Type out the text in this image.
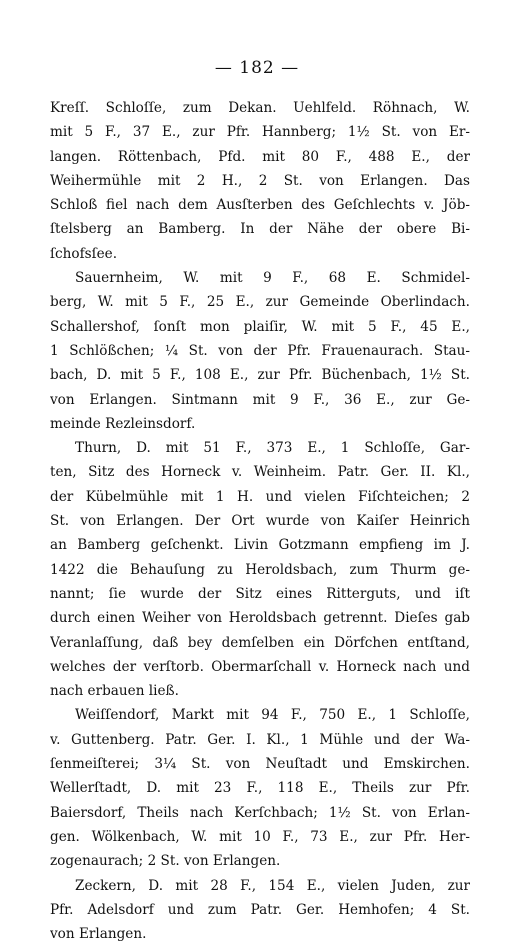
— 182 —
Kreſſ. Schloſſe, zum Dekan. Uehlfeld. Röhnach, W.
mit 5 F., 37 E., zur Pfr. Hannberg; 1½ St. von Er-
langen. Röttenbach, Pfd. mit 80 F., 488 E., der
Weihermühle mit 2 H., 2 St. von Erlangen. Das
Schloß fiel nach dem Ausſterben des Geſchlechts v. Jöb-
ſtelsberg an Bamberg. In der Nähe der obere Bi-
ſchofsſee.
Sauernheim, W. mit 9 F., 68 E. Schmidel-
berg, W. mit 5 F., 25 E., zur Gemeinde Oberlindach.
Schallershof, ſonſt mon plaiſir, W. mit 5 F., 45 E.,
1 Schlößchen; ¼ St. von der Pfr. Frauenaurach. Stau-
bach, D. mit 5 F., 108 E., zur Pfr. Büchenbach, 1½ St.
von Erlangen. Sintmann mit 9 F., 36 E., zur Ge-
meinde Rezleinsdorf.
Thurn, D. mit 51 F., 373 E., 1 Schloſſe, Gar-
ten, Sitz des Horneck v. Weinheim. Patr. Ger. II. Kl.,
der Kübelmühle mit 1 H. und vielen Fiſchteichen; 2
St. von Erlangen. Der Ort wurde von Kaiſer Heinrich
an Bamberg geſchenkt. Livin Gotzmann empfieng im J.
1422 die Behauſung zu Heroldsbach, zum Thurm ge-
nannt; ſie wurde der Sitz eines Ritterguts, und iſt
durch einen Weiher von Heroldsbach getrennt. Dieſes gab
Veranlaſſung, daß bey demſelben ein Dörfchen entſtand,
welches der verſtorb. Obermarſchall v. Horneck nach und
nach erbauen ließ.
Weiſſendorf, Markt mit 94 F., 750 E., 1 Schloſſe,
v. Guttenberg. Patr. Ger. I. Kl., 1 Mühle und der Wa-
ſenmeiſterei; 3¼ St. von Neuſtadt und Emskirchen.
Wellerſtadt, D. mit 23 F., 118 E., Theils zur Pfr.
Baiersdorf, Theils nach Kerſchbach; 1½ St. von Erlan-
gen. Wölkenbach, W. mit 10 F., 73 E., zur Pfr. Her-
zogenaurach; 2 St. von Erlangen.
Zeckern, D. mit 28 F., 154 E., vielen Juden, zur
Pfr. Adelsdorf und zum Patr. Ger. Hemhofen; 4 St.
von Erlangen.
